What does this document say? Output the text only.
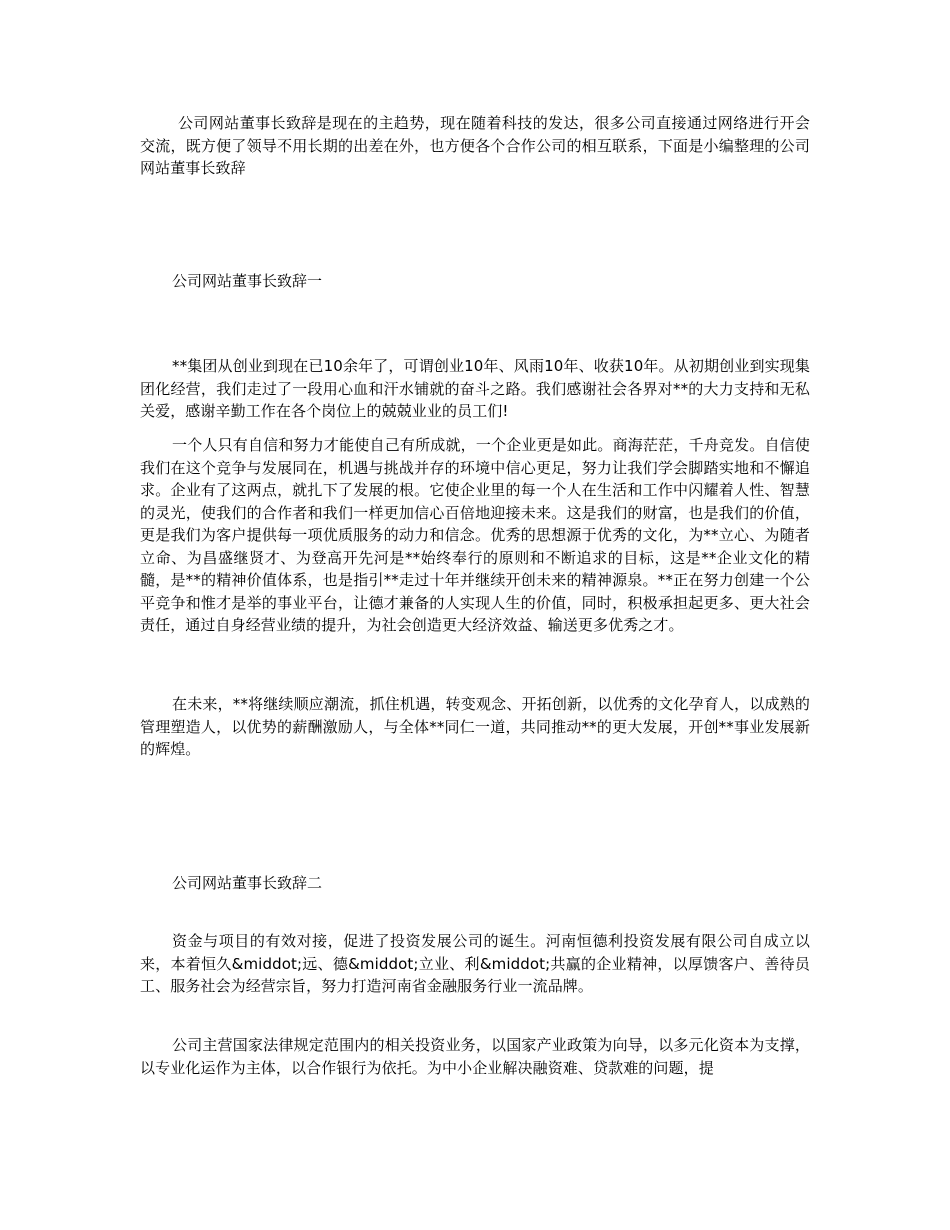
公司网站董事长致辞是现在的主趋势，现在随着科技的发达，很多公司直接通过网络进行开会交流，既方便了领导不用长期的出差在外，也方便各个合作公司的相互联系，下面是小编整理的公司网站董事长致辞

公司网站董事长致辞一

**集团从创业到现在已10余年了，可谓创业10年、风雨10年、收获10年。从初期创业到实现集团化经营，我们走过了一段用心血和汗水铺就的奋斗之路。我们感谢社会各界对**的大力支持和无私关爱，感谢辛勤工作在各个岗位上的兢兢业业的员工们!

一个人只有自信和努力才能使自己有所成就，一个企业更是如此。商海茫茫，千舟竞发。自信使我们在这个竞争与发展同在，机遇与挑战并存的环境中信心更足，努力让我们学会脚踏实地和不懈追求。企业有了这两点，就扎下了发展的根。它使企业里的每一个人在生活和工作中闪耀着人性、智慧的灵光，使我们的合作者和我们一样更加信心百倍地迎接未来。这是我们的财富，也是我们的价值，更是我们为客户提供每一项优质服务的动力和信念。优秀的思想源于优秀的文化，为**立心、为随者立命、为昌盛继贤才、为登高开先河是**始终奉行的原则和不断追求的目标，这是**企业文化的精髓，是**的精神价值体系，也是指引**走过十年并继续开创未来的精神源泉。**正在努力创建一个公平竞争和惟才是举的事业平台，让德才兼备的人实现人生的价值，同时，积极承担起更多、更大社会责任，通过自身经营业绩的提升，为社会创造更大经济效益、输送更多优秀之才。

在未来，**将继续顺应潮流，抓住机遇，转变观念、开拓创新，以优秀的文化孕育人，以成熟的管理塑造人，以优势的薪酬激励人，与全体**同仁一道，共同推动**的更大发展，开创**事业发展新的辉煌。

公司网站董事长致辞二

资金与项目的有效对接，促进了投资发展公司的诞生。河南恒德利投资发展有限公司自成立以来，本着恒久&middot;远、德&middot;立业、利&middot;共赢的企业精神，以厚馈客户、善待员工、服务社会为经营宗旨，努力打造河南省金融服务行业一流品牌。

公司主营国家法律规定范围内的相关投资业务，以国家产业政策为向导，以多元化资本为支撑，以专业化运作为主体，以合作银行为依托。为中小企业解决融资难、贷款难的问题，提
